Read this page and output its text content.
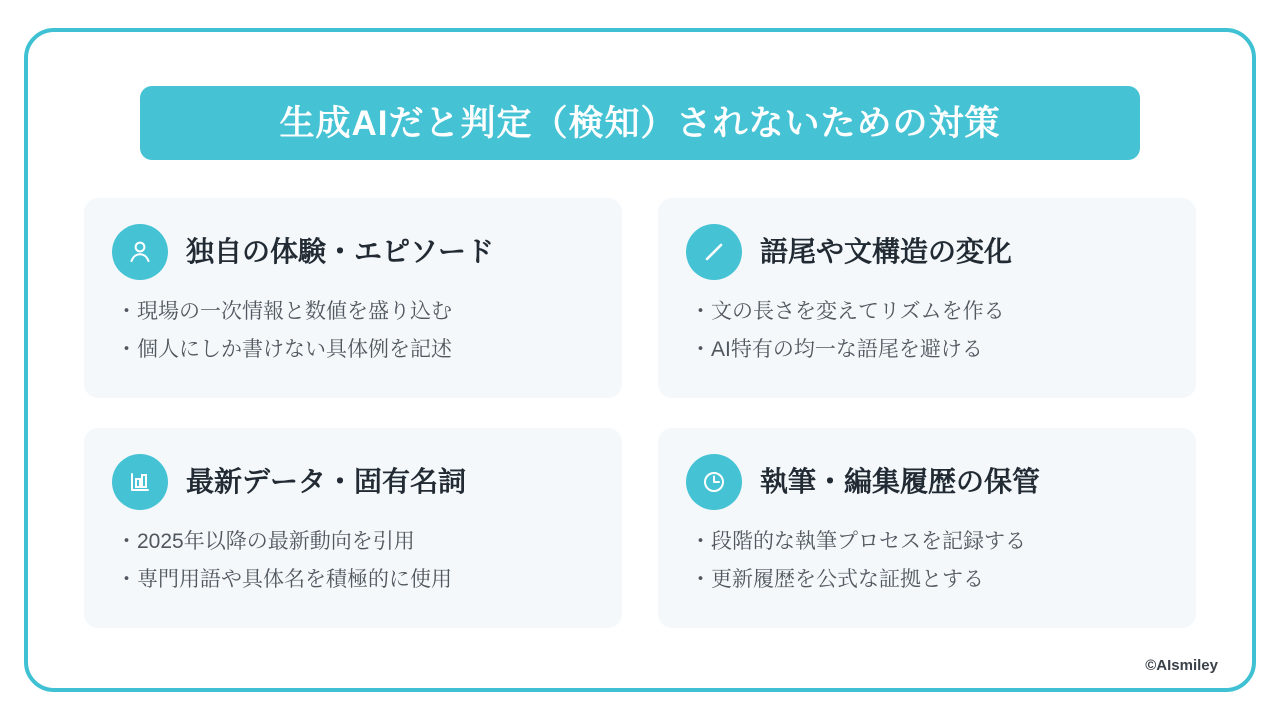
生成AIだと判定（検知）されないための対策
独自の体験・エピソード
・現場の一次情報と数値を盛り込む
・個人にしか書けない具体例を記述
語尾や文構造の変化
・文の長さを変えてリズムを作る
・AI特有の均一な語尾を避ける
最新データ・固有名詞
・2025年以降の最新動向を引用
・専門用語や具体名を積極的に使用
執筆・編集履歴の保管
・段階的な執筆プロセスを記録する
・更新履歴を公式な証拠とする
©AIsmiley
